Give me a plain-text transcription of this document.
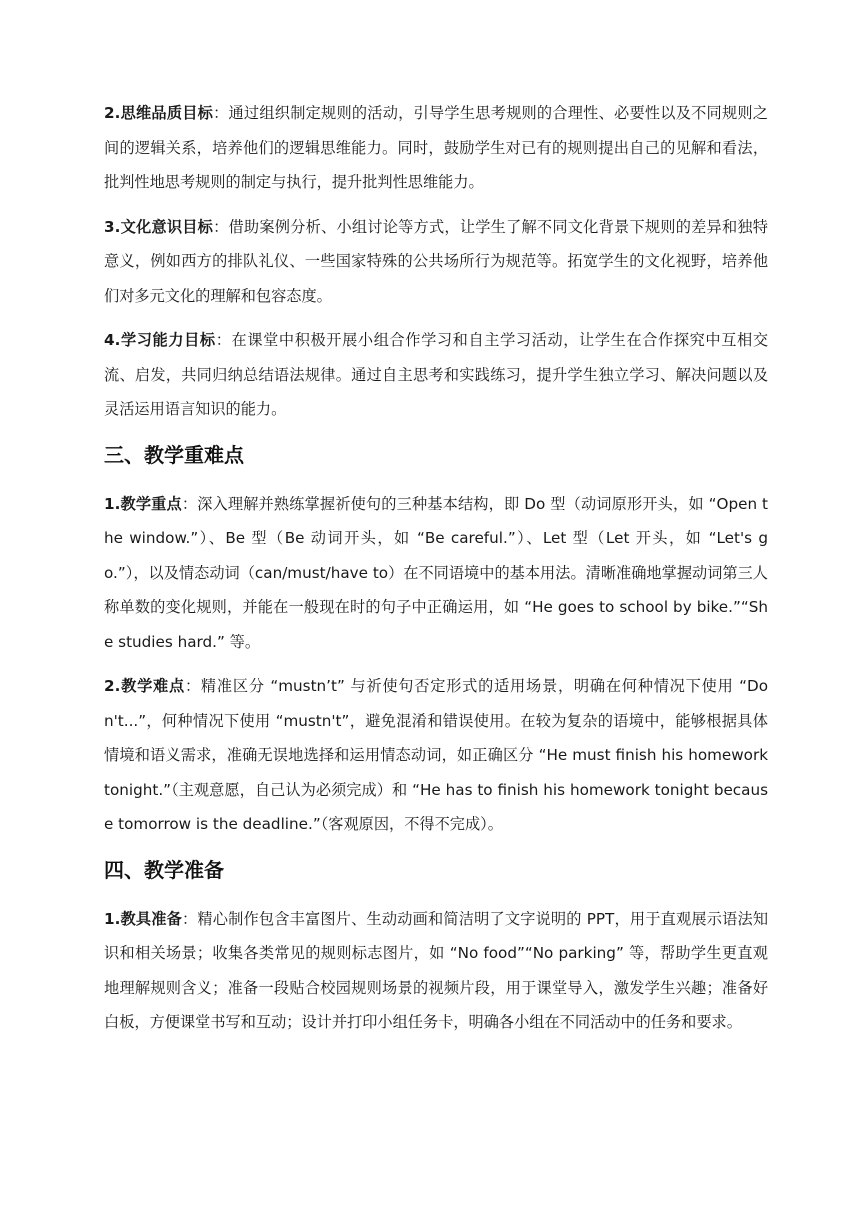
2.思维品质目标：通过组织制定规则的活动，引导学生思考规则的合理性、必要性以及不同规则之间的逻辑关系，培养他们的逻辑思维能力。同时，鼓励学生对已有的规则提出自己的见解和看法，批判性地思考规则的制定与执行，提升批判性思维能力。

3.文化意识目标：借助案例分析、小组讨论等方式，让学生了解不同文化背景下规则的差异和独特意义，例如西方的排队礼仪、一些国家特殊的公共场所行为规范等。拓宽学生的文化视野，培养他们对多元文化的理解和包容态度。

4.学习能力目标：在课堂中积极开展小组合作学习和自主学习活动，让学生在合作探究中互相交流、启发，共同归纳总结语法规律。通过自主思考和实践练习，提升学生独立学习、解决问题以及灵活运用语言知识的能力。

三、教学重难点

1.教学重点：深入理解并熟练掌握祈使句的三种基本结构，即 Do 型（动词原形开头，如 “Open the window.”）、Be 型（Be 动词开头，如 “Be careful.”）、Let 型（Let 开头，如 “Let's go.”），以及情态动词（can/must/have to）在不同语境中的基本用法。清晰准确地掌握动词第三人称单数的变化规则，并能在一般现在时的句子中正确运用，如 “He goes to school by bike.”“She studies hard.” 等。

2.教学难点：精准区分 “mustn’t” 与祈使句否定形式的适用场景，明确在何种情况下使用 “Don't...”，何种情况下使用 “mustn't”，避免混淆和错误使用。在较为复杂的语境中，能够根据具体情境和语义需求，准确无误地选择和运用情态动词，如正确区分 “He must finish his homework tonight.”（主观意愿，自己认为必须完成）和 “He has to finish his homework tonight because tomorrow is the deadline.”（客观原因，不得不完成）。

四、教学准备

1.教具准备：精心制作包含丰富图片、生动动画和简洁明了文字说明的 PPT，用于直观展示语法知识和相关场景；收集各类常见的规则标志图片，如 “No food”“No parking” 等，帮助学生更直观地理解规则含义；准备一段贴合校园规则场景的视频片段，用于课堂导入，激发学生兴趣；准备好白板，方便课堂书写和互动；设计并打印小组任务卡，明确各小组在不同活动中的任务和要求。
